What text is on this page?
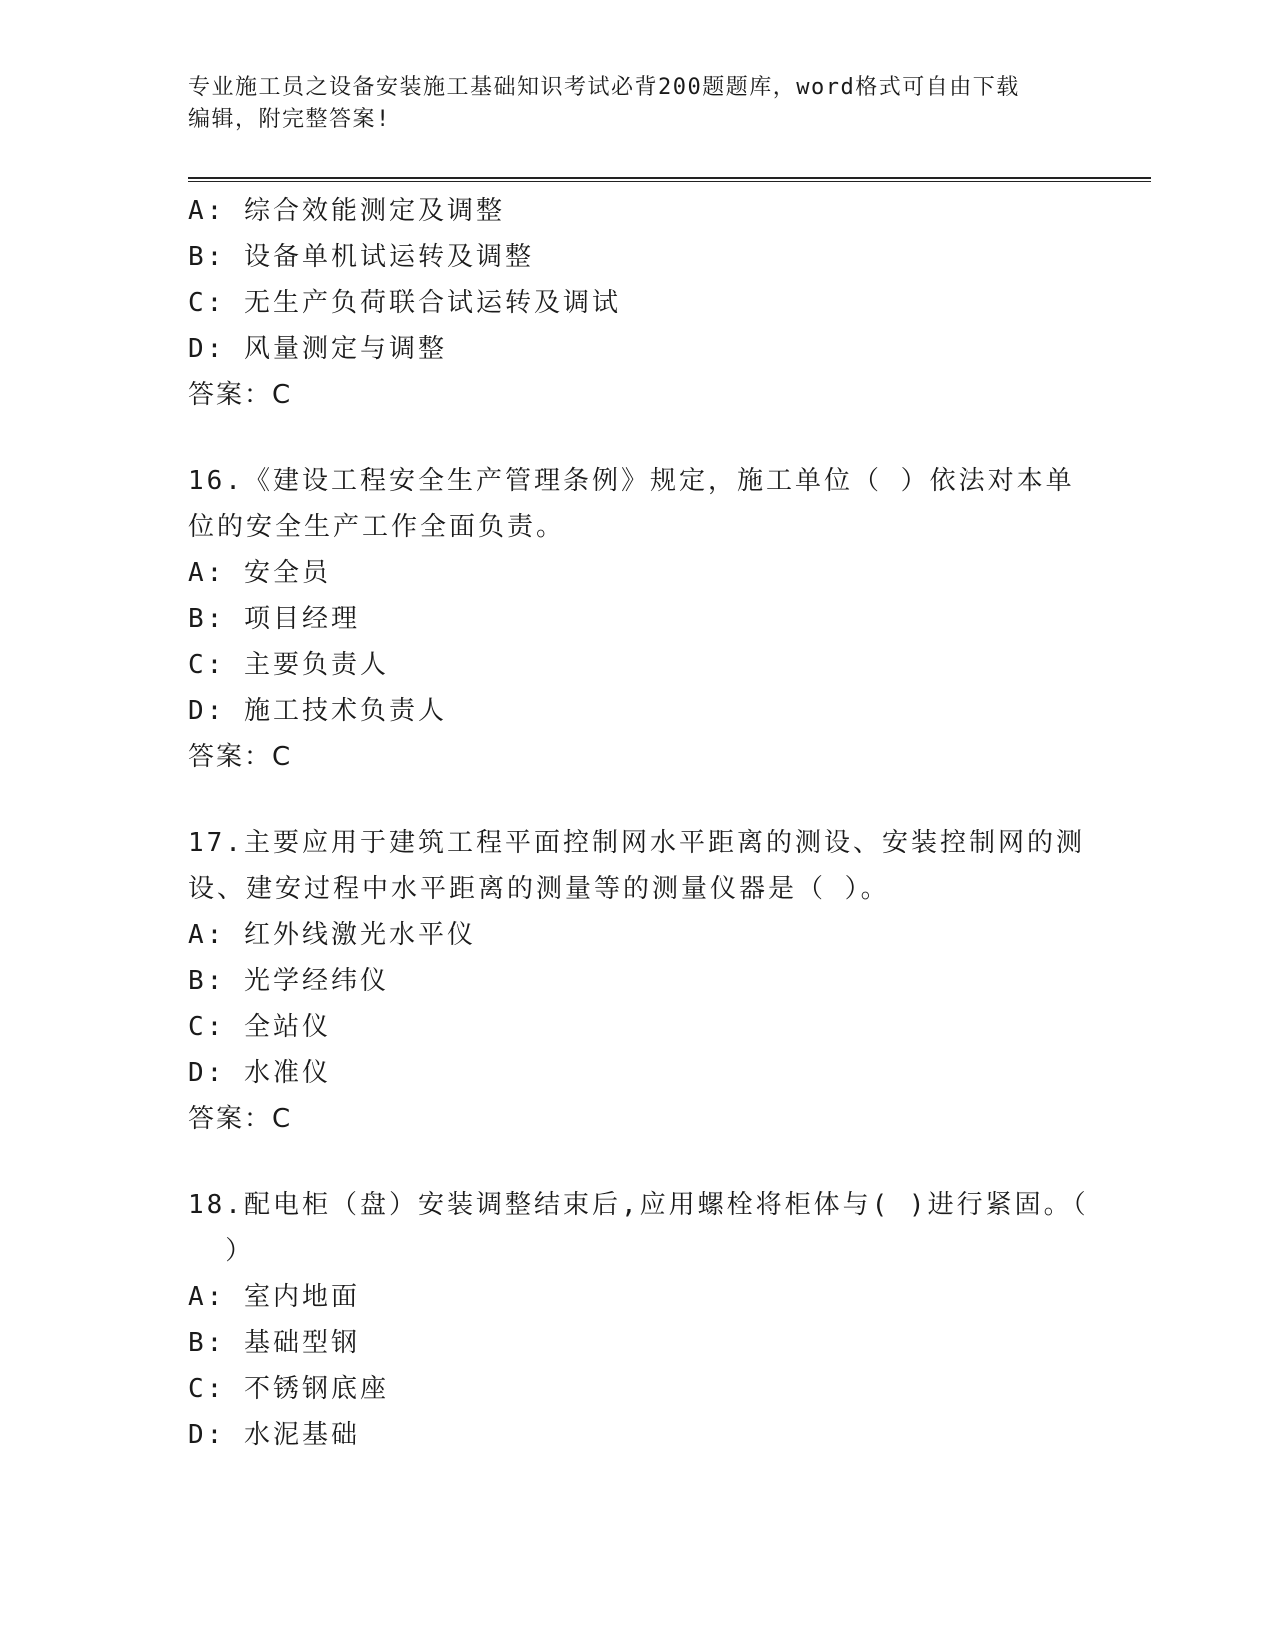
专业施工员之设备安装施工基础知识考试必背200题题库，word格式可自由下载
编辑，附完整答案!
A: 综合效能测定及调整
B: 设备单机试运转及调整
C: 无生产负荷联合试运转及调试
D: 风量测定与调整
答案：C
16.《建设工程安全生产管理条例》规定，施工单位（ ）依法对本单
位的安全生产工作全面负责。
A: 安全员
B: 项目经理
C: 主要负责人
D: 施工技术负责人
答案：C
17.主要应用于建筑工程平面控制网水平距离的测设、安装控制网的测
设、建安过程中水平距离的测量等的测量仪器是（ ）。
A: 红外线激光水平仪
B: 光学经纬仪
C: 全站仪
D: 水准仪
答案：C
18.配电柜（盘）安装调整结束后,应用螺栓将柜体与( )进行紧固。（
）
A: 室内地面
B: 基础型钢
C: 不锈钢底座
D: 水泥基础
